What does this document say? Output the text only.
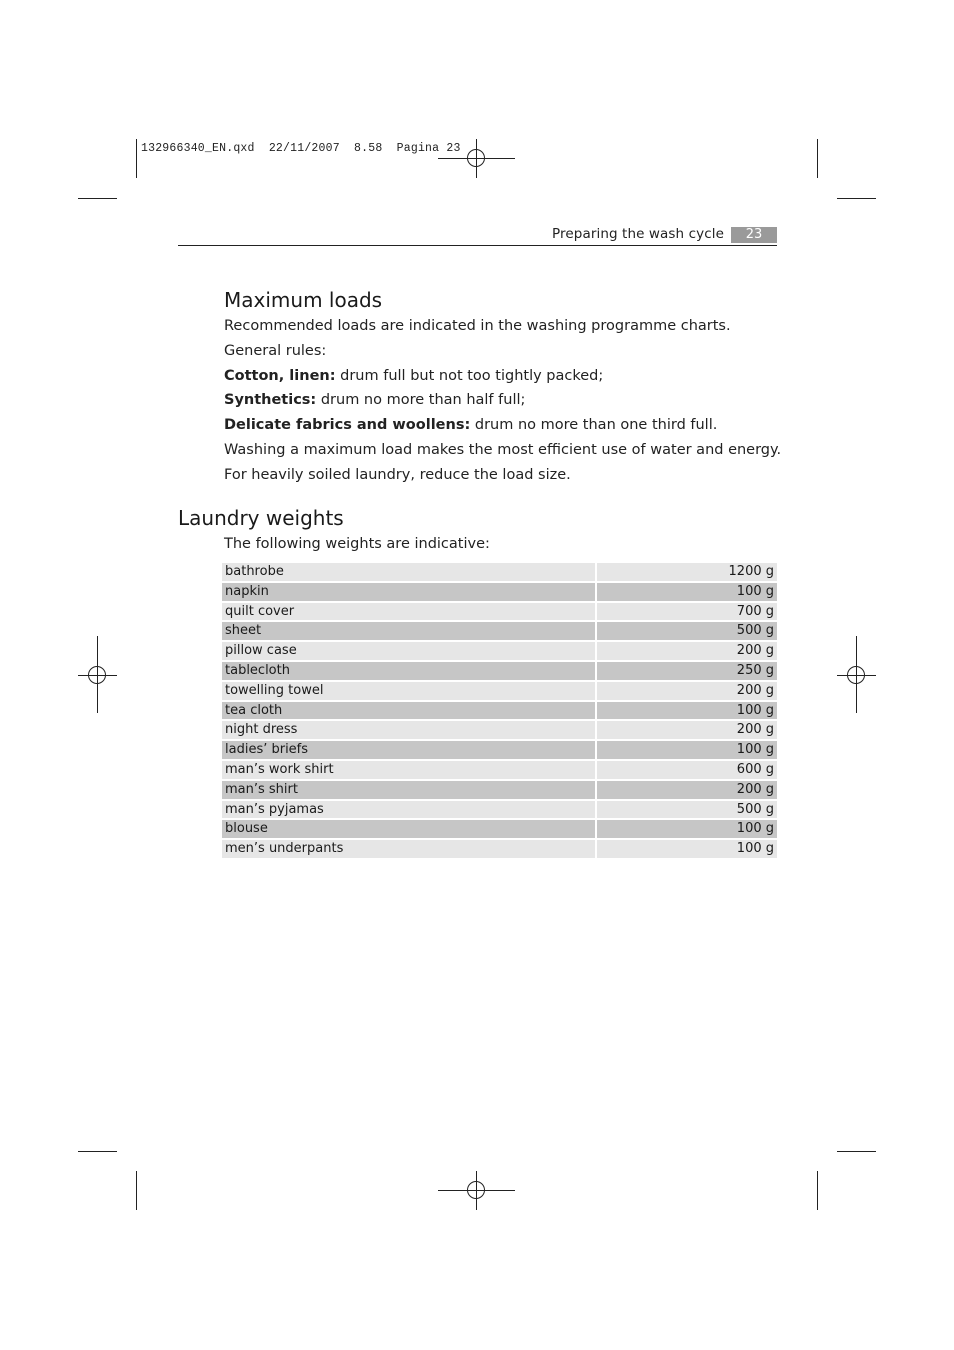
132966340_EN.qxd  22/11/2007  8.58  Pagina 23
Preparing the wash cycle	23
Maximum loads
Recommended loads are indicated in the washing programme charts.
General rules:
Cotton, linen: drum full but not too tightly packed;
Synthetics: drum no more than half full;
Delicate fabrics and woollens: drum no more than one third full.
Washing a maximum load makes the most efficient use of water and energy.
For heavily soiled laundry, reduce the load size.
Laundry weights
The following weights are indicative:
bathrobe	1200 g
napkin	100 g
quilt cover	700 g
sheet	500 g
pillow case	200 g
tablecloth	250 g
towelling towel	200 g
tea cloth	100 g
night dress	200 g
ladies’ briefs	100 g
man’s work shirt	600 g
man’s shirt	200 g
man’s pyjamas	500 g
blouse	100 g
men’s underpants	100 g
